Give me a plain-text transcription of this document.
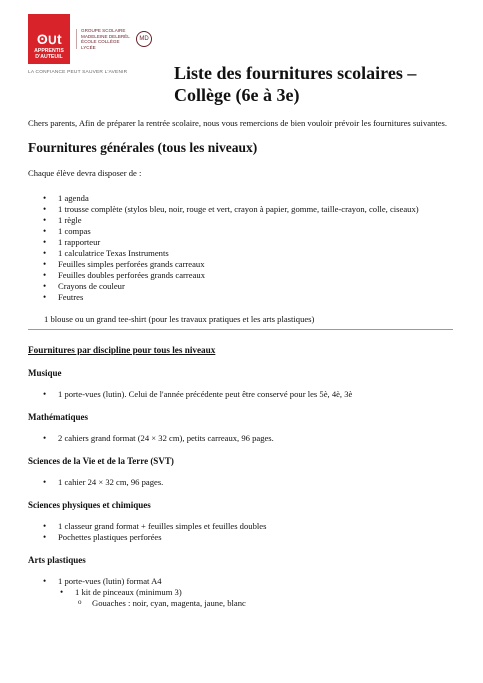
ʘ∪t
APPRENTIS
D'AUTEUIL
GROUPE SCOLAIRE
MADELEINE DELBRÊL
ÉCOLE COLLÈGE LYCÉE
MD
LA CONFIANCE PEUT SAUVER L'AVENIR	Liste des fournitures scolaires –
Collège (6e à 3e)

Chers parents, Afin de préparer la rentrée scolaire, nous vous remercions de bien vouloir prévoir les fournitures suivantes.

Fournitures générales (tous les niveaux)

Chaque élève devra disposer de :

• 1 agenda
• 1 trousse complète (stylos bleu, noir, rouge et vert, crayon à papier, gomme, taille-crayon, colle, ciseaux)
• 1 règle
• 1 compas
• 1 rapporteur
• 1 calculatrice Texas Instruments
• Feuilles simples perforées grands carreaux
• Feuilles doubles perforées grands carreaux
• Crayons de couleur
• Feutres

1 blouse ou un grand tee-shirt (pour les travaux pratiques et les arts plastiques)

Fournitures par discipline pour tous les niveaux
Musique
• 1 porte-vues (lutin). Celui de l'année précédente peut être conservé pour les 5è, 4è, 3è
Mathématiques
• 2 cahiers grand format (24 × 32 cm), petits carreaux, 96 pages.
Sciences de la Vie et de la Terre (SVT)
• 1 cahier 24 × 32 cm, 96 pages.
Sciences physiques et chimiques
• 1 classeur grand format + feuilles simples et feuilles doubles
• Pochettes plastiques perforées
Arts plastiques
• 1 porte-vues (lutin) format A4
• 1 kit de pinceaux (minimum 3)
o Gouaches : noir, cyan, magenta, jaune, blanc
